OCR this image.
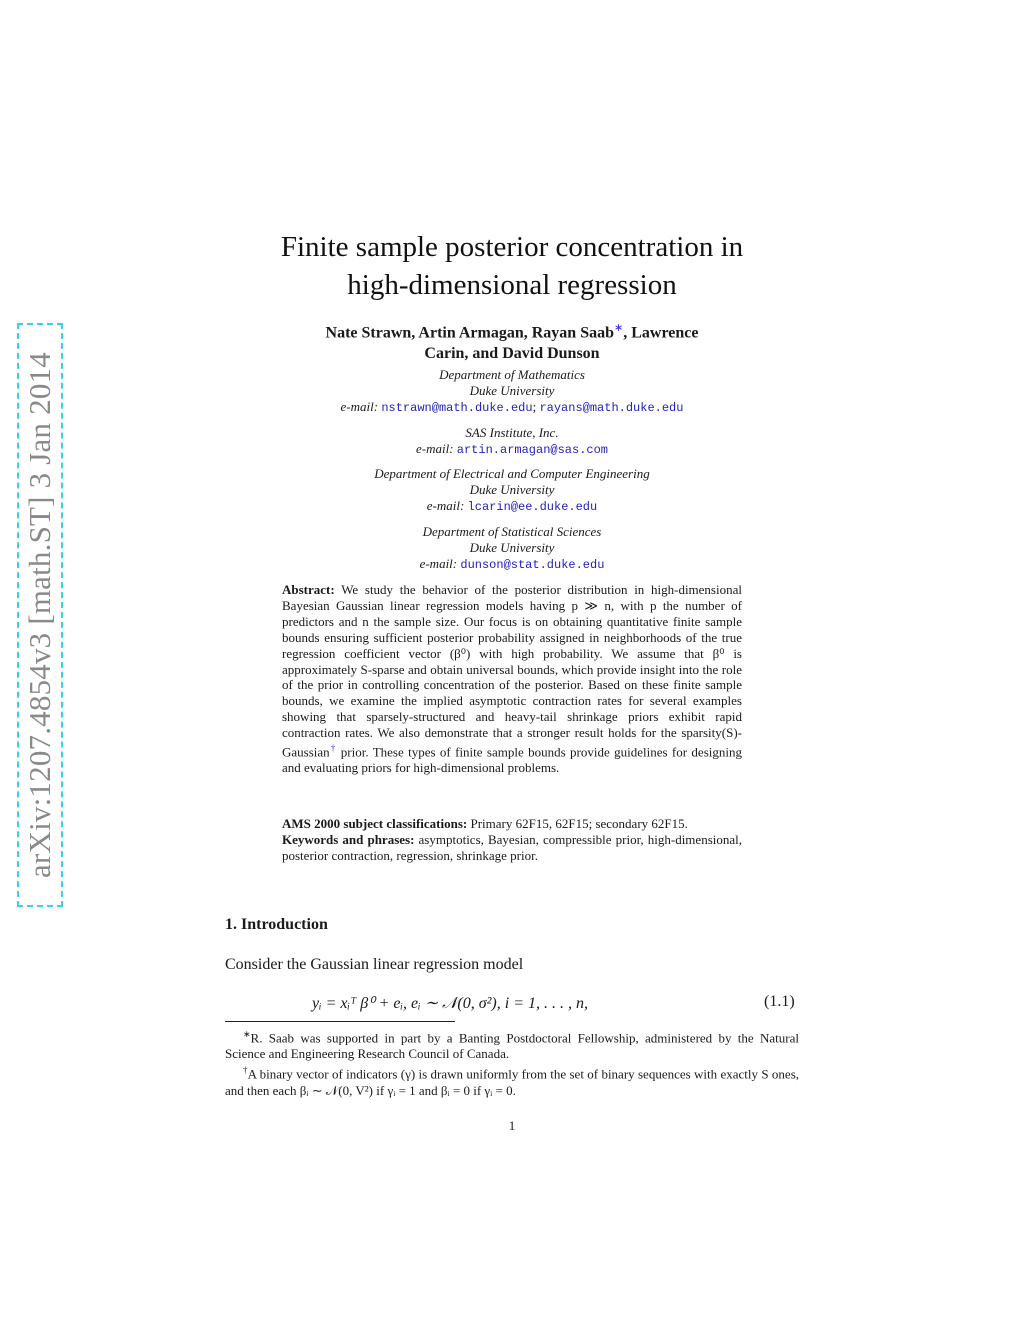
arXiv:1207.4854v3 [math.ST] 3 Jan 2014
Finite sample posterior concentration in
high-dimensional regression
Nate Strawn, Artin Armagan, Rayan Saab∗, Lawrence
Carin, and David Dunson
Department of Mathematics
Duke University
e-mail: nstrawn@math.duke.edu; rayans@math.duke.edu
SAS Institute, Inc.
e-mail: artin.armagan@sas.com
Department of Electrical and Computer Engineering
Duke University
e-mail: lcarin@ee.duke.edu
Department of Statistical Sciences
Duke University
e-mail: dunson@stat.duke.edu
Abstract: We study the behavior of the posterior distribution in high-dimensional Bayesian Gaussian linear regression models having p ≫ n, with p the number of predictors and n the sample size. Our focus is on obtaining quantitative finite sample bounds ensuring sufficient posterior probability assigned in neighborhoods of the true regression coefficient vector (β⁰) with high probability. We assume that β⁰ is approximately S-sparse and obtain universal bounds, which provide insight into the role of the prior in controlling concentration of the posterior. Based on these finite sample bounds, we examine the implied asymptotic contraction rates for several examples showing that sparsely-structured and heavy-tail shrinkage priors exhibit rapid contraction rates. We also demonstrate that a stronger result holds for the sparsity(S)-Gaussian† prior. These types of finite sample bounds provide guidelines for designing and evaluating priors for high-dimensional problems.
AMS 2000 subject classifications: Primary 62F15, 62F15; secondary 62F15.
Keywords and phrases: asymptotics, Bayesian, compressible prior, high-dimensional, posterior contraction, regression, shrinkage prior.
1. Introduction
Consider the Gaussian linear regression model
yᵢ = xᵢᵀ β⁰ + eᵢ, eᵢ ∼ 𝒩(0, σ²), i = 1, . . . , n,	(1.1)

∗R. Saab was supported in part by a Banting Postdoctoral Fellowship, administered by the Natural Science and Engineering Research Council of Canada.

†A binary vector of indicators (γ) is drawn uniformly from the set of binary sequences with exactly S ones, and then each βᵢ ∼ 𝒩(0, V²) if γᵢ = 1 and βᵢ = 0 if γᵢ = 0.

1
